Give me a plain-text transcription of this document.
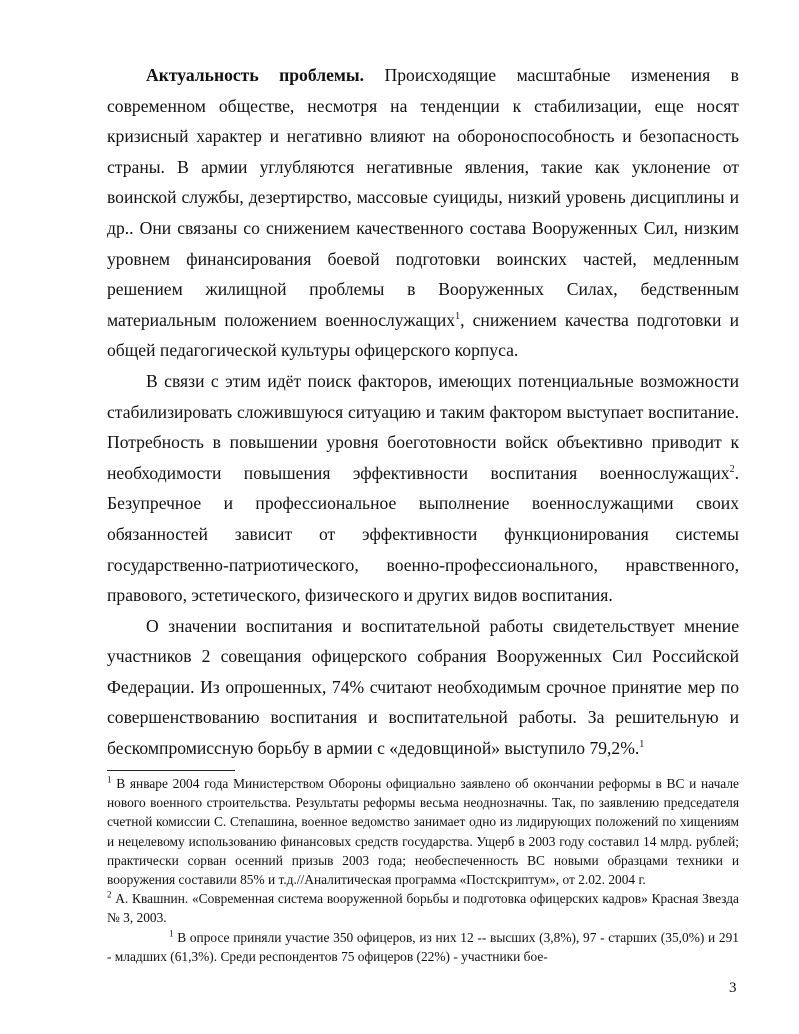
Актуальность проблемы. Происходящие масштабные изменения в современном обществе, несмотря на тенденции к стабилизации, еще носят кризисный характер и негативно влияют на обороноспособность и безопасность страны. В армии углубляются негативные явления, такие как уклонение от воинской службы, дезертирство, массовые суициды, низкий уровень дисциплины и др.. Они связаны со снижением качественного состава Вооруженных Сил, низким уровнем финансирования боевой подготовки воинских частей, медленным решением жилищной проблемы в Вооруженных Силах, бедственным материальным положением военнослужащих$^1$, снижением качества подготовки и общей педагогической культуры офицерского корпуса.

В связи с этим идёт поиск факторов, имеющих потенциальные возможности стабилизировать сложившуюся ситуацию и таким фактором выступает воспитание. Потребность в повышении уровня боеготовности войск объективно приводит к необходимости повышения эффективности воспитания военнослужащих$^2$. Безупречное и профессиональное выполнение военнослужащими своих обязанностей зависит от эффективности функционирования системы государственно-патриотического, военно-профессионального, нравственного, правового, эстетического, физического и других видов воспитания.

О значении воспитания и воспитательной работы свидетельствует мнение участников 2 совещания офицерского собрания Вооруженных Сил Российской Федерации. Из опрошенных, 74% считают необходимым срочное принятие мер по совершенствованию воспитания и воспитательной работы. За решительную и бескомпромиссную борьбу в армии с «дедовщиной» выступило 79,2%.$^1$

$^1$ В январе 2004 года Министерством Обороны официально заявлено об окончании реформы в ВС и начале нового военного строительства. Результаты реформы весьма неоднозначны. Так, по заявлению председателя счетной комиссии С. Степашина, военное ведомство занимает одно из лидирующих положений по хищениям и нецелевому использованию финансовых средств государства. Ущерб в 2003 году составил 14 млрд. рублей; практически сорван осенний призыв 2003 года; необеспеченность ВС новыми образцами техники и вооружения составили 85% и т.д.//Аналитическая программа «Постскриптум», от 2.02. 2004 г.

$^2$ А. Квашнин. «Современная система вооруженной борьбы и подготовка офицерских кадров» Красная Звезда № 3, 2003.

$^1$ В опросе приняли участие 350 офицеров, из них 12 -- высших (3,8%), 97 - старших (35,0%) и 291 - младших (61,3%). Среди респондентов 75 офицеров (22%) - участники бое-

3
